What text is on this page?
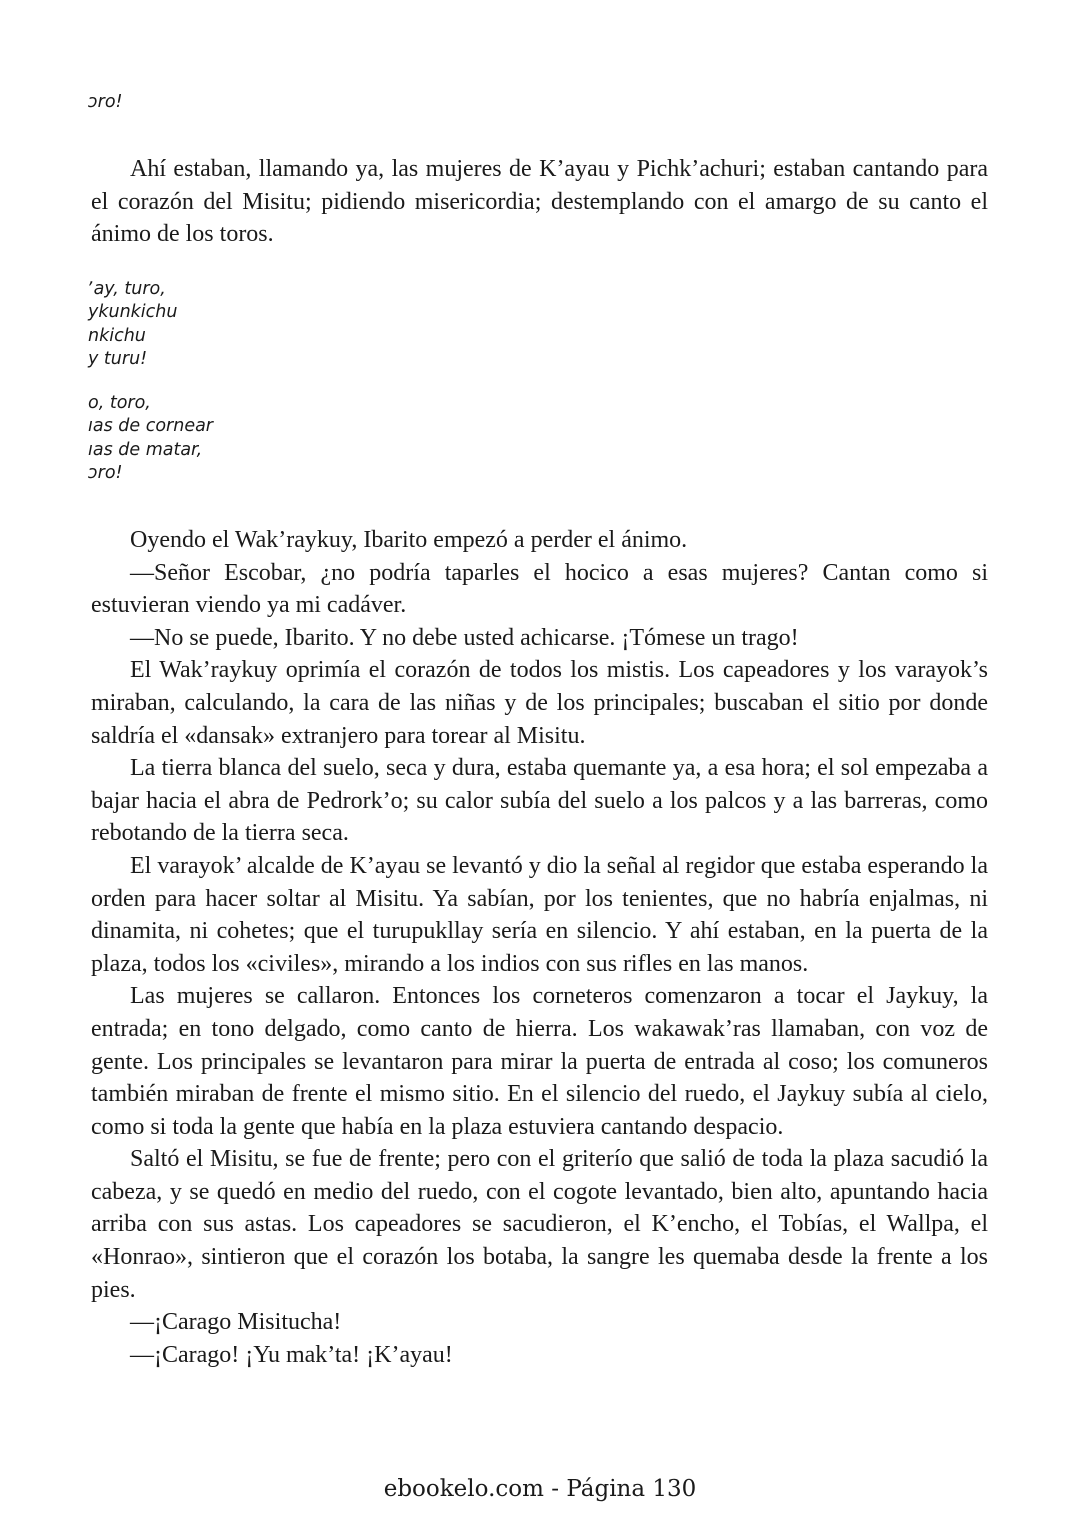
ɔro!

Ahí estaban, llamando ya, las mujeres de K’ayau y Pichk’achuri; estaban cantando para el corazón del Misitu; pidiendo misericordia; destemplando con el amargo de su canto el ánimo de los toros.

ʼay, turo,
ykunkichu
nkichu
y turu!
o, toro,
ıas de cornear
ıas de matar,
ɔro!

Oyendo el Wak’raykuy, Ibarito empezó a perder el ánimo.

—Señor Escobar, ¿no podría taparles el hocico a esas mujeres? Cantan como si estuvieran viendo ya mi cadáver.

—No se puede, Ibarito. Y no debe usted achicarse. ¡Tómese un trago!

El Wak’raykuy oprimía el corazón de todos los mistis. Los capeadores y los varayok’s miraban, calculando, la cara de las niñas y de los principales; buscaban el sitio por donde saldría el «dansak» extranjero para torear al Misitu.

La tierra blanca del suelo, seca y dura, estaba quemante ya, a esa hora; el sol empezaba a bajar hacia el abra de Pedrork’o; su calor subía del suelo a los palcos y a las barreras, como rebotando de la tierra seca.

El varayok’ alcalde de K’ayau se levantó y dio la señal al regidor que estaba esperando la orden para hacer soltar al Misitu. Ya sabían, por los tenientes, que no habría enjalmas, ni dinamita, ni cohetes; que el turupukllay sería en silencio. Y ahí estaban, en la puerta de la plaza, todos los «civiles», mirando a los indios con sus rifles en las manos.

Las mujeres se callaron. Entonces los corneteros comenzaron a tocar el Jaykuy, la entrada; en tono delgado, como canto de hierra. Los wakawak’ras llamaban, con voz de gente. Los principales se levantaron para mirar la puerta de entrada al coso; los comuneros también miraban de frente el mismo sitio. En el silencio del ruedo, el Jaykuy subía al cielo, como si toda la gente que había en la plaza estuviera cantando despacio.

Saltó el Misitu, se fue de frente; pero con el griterío que salió de toda la plaza sacudió la cabeza, y se quedó en medio del ruedo, con el cogote levantado, bien alto, apuntando hacia arriba con sus astas. Los capeadores se sacudieron, el K’encho, el Tobías, el Wallpa, el «Honrao», sintieron que el corazón los botaba, la sangre les quemaba desde la frente a los pies.

—¡Carago Misitucha!

—¡Carago! ¡Yu mak’ta! ¡K’ayau!

ebookelo.com - Página 130
